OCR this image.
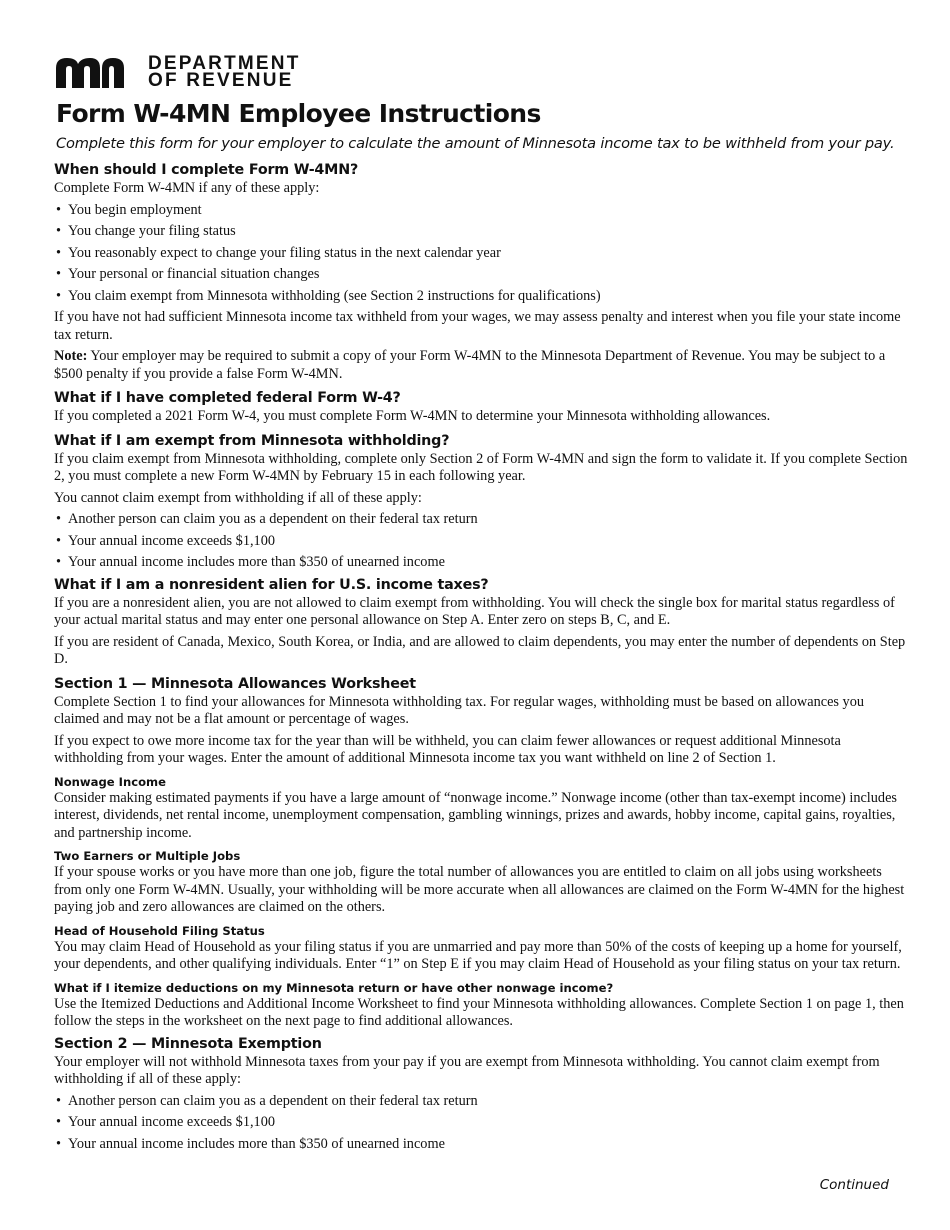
DEPARTMENT
OF REVENUE
Form W-4MN Employee Instructions

Complete this form for your employer to calculate the amount of Minnesota income tax to be withheld from your pay.

When should I complete Form W-4MN?

Complete Form W-4MN if any of these apply:

• You begin employment
• You change your filing status
• You reasonably expect to change your filing status in the next calendar year
• Your personal or financial situation changes
• You claim exempt from Minnesota withholding (see Section 2 instructions for qualifications)

If you have not had sufficient Minnesota income tax withheld from your wages, we may assess penalty and interest when you file your state income tax return.

Note: Your employer may be required to submit a copy of your Form W-4MN to the Minnesota Department of Revenue. You may be subject to a $500 penalty if you provide a false Form W-4MN.

What if I have completed federal Form W-4?

If you completed a 2021 Form W-4, you must complete Form W-4MN to determine your Minnesota withholding allowances.

What if I am exempt from Minnesota withholding?

If you claim exempt from Minnesota withholding, complete only Section 2 of Form W-4MN and sign the form to validate it. If you complete Section 2, you must complete a new Form W-4MN by February 15 in each following year.

You cannot claim exempt from withholding if all of these apply:

• Another person can claim you as a dependent on their federal tax return
• Your annual income exceeds $1,100
• Your annual income includes more than $350 of unearned income
What if I am a nonresident alien for U.S. income taxes?

If you are a nonresident alien, you are not allowed to claim exempt from withholding. You will check the single box for marital status regardless of your actual marital status and may enter one personal allowance on Step A. Enter zero on steps B, C, and E.

If you are resident of Canada, Mexico, South Korea, or India, and are allowed to claim dependents, you may enter the number of dependents on Step D.

Section 1 — Minnesota Allowances Worksheet

Complete Section 1 to find your allowances for Minnesota withholding tax. For regular wages, withholding must be based on allowances you claimed and may not be a flat amount or percentage of wages.

If you expect to owe more income tax for the year than will be withheld, you can claim fewer allowances or request additional Minnesota withholding from your wages. Enter the amount of additional Minnesota income tax you want withheld on line 2 of Section 1.

Nonwage Income

Consider making estimated payments if you have a large amount of “nonwage income.” Nonwage income (other than tax-exempt income) includes interest, dividends, net rental income, unemployment compensation, gambling winnings, prizes and awards, hobby income, capital gains, royalties, and partnership income.

Two Earners or Multiple Jobs

If your spouse works or you have more than one job, figure the total number of allowances you are entitled to claim on all jobs using worksheets from only one Form W-4MN. Usually, your withholding will be more accurate when all allowances are claimed on the Form W-4MN for the highest paying job and zero allowances are claimed on the others.

Head of Household Filing Status

You may claim Head of Household as your filing status if you are unmarried and pay more than 50% of the costs of keeping up a home for yourself, your dependents, and other qualifying individuals. Enter “1” on Step E if you may claim Head of Household as your filing status on your tax return.

What if I itemize deductions on my Minnesota return or have other nonwage income?

Use the Itemized Deductions and Additional Income Worksheet to find your Minnesota withholding allowances. Complete Section 1 on page 1, then follow the steps in the worksheet on the next page to find additional allowances.

Section 2 — Minnesota Exemption

Your employer will not withhold Minnesota taxes from your pay if you are exempt from Minnesota withholding. You cannot claim exempt from withholding if all of these apply:

• Another person can claim you as a dependent on their federal tax return
• Your annual income exceeds $1,100
• Your annual income includes more than $350 of unearned income
Continued
